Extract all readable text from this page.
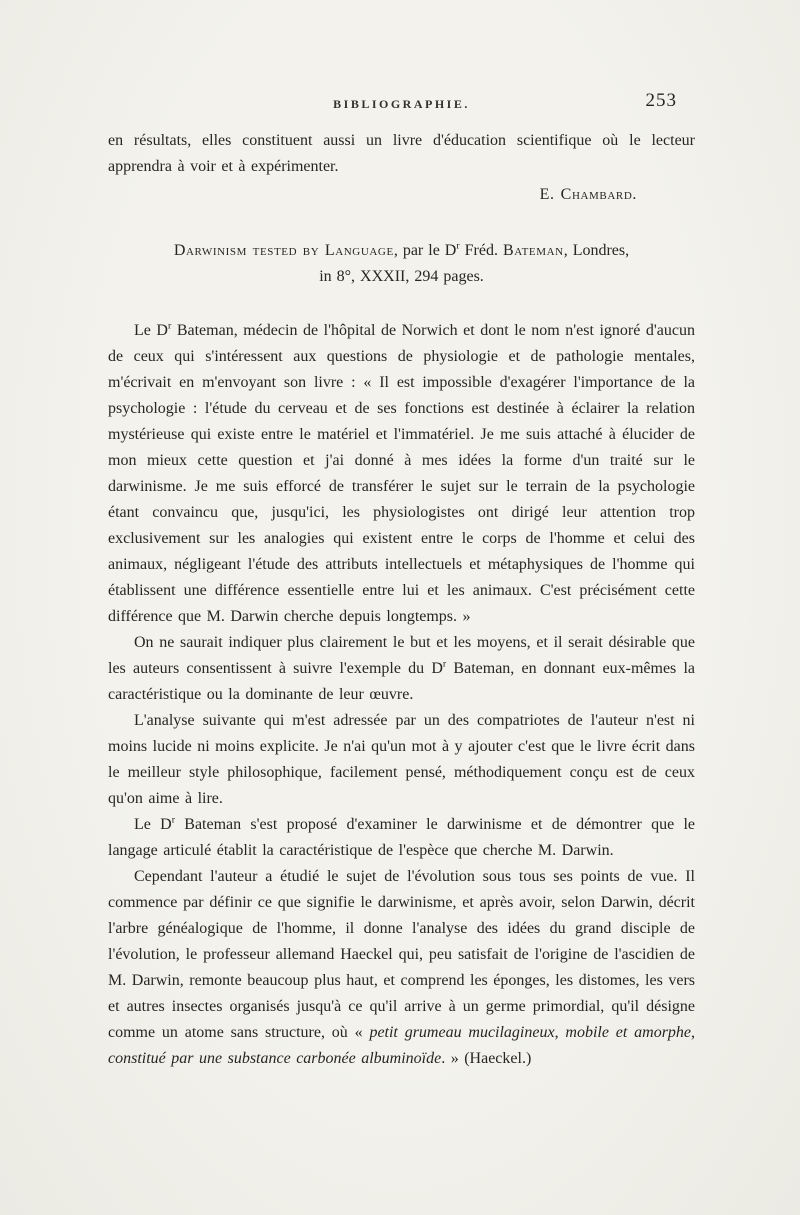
BIBLIOGRAPHIE.	253

en résultats, elles constituent aussi un livre d'éducation scientifique où le lecteur apprendra à voir et à expérimenter.

E. Chambard.

Darwinism tested by Language, par le $D^r$ Fréd. Bateman, Londres,
in 8°, XXXII, 294 pages.

Le $D^r$ Bateman, médecin de l'hôpital de Norwich et dont le nom n'est ignoré d'aucun de ceux qui s'intéressent aux questions de physiologie et de pathologie mentales, m'écrivait en m'envoyant son livre : « Il est impossible d'exagérer l'importance de la psychologie : l'étude du cerveau et de ses fonctions est destinée à éclairer la relation mystérieuse qui existe entre le matériel et l'immatériel. Je me suis attaché à élucider de mon mieux cette question et j'ai donné à mes idées la forme d'un traité sur le darwinisme. Je me suis efforcé de transférer le sujet sur le terrain de la psychologie étant convaincu que, jusqu'ici, les physiologistes ont dirigé leur attention trop exclusivement sur les analogies qui existent entre le corps de l'homme et celui des animaux, négligeant l'étude des attributs intellectuels et métaphysiques de l'homme qui établissent une différence essentielle entre lui et les animaux. C'est précisément cette différence que M. Darwin cherche depuis longtemps. »

On ne saurait indiquer plus clairement le but et les moyens, et il serait désirable que les auteurs consentissent à suivre l'exemple du $D^r$ Bateman, en donnant eux-mêmes la caractéristique ou la dominante de leur œuvre.

L'analyse suivante qui m'est adressée par un des compatriotes de l'auteur n'est ni moins lucide ni moins explicite. Je n'ai qu'un mot à y ajouter c'est que le livre écrit dans le meilleur style philosophique, facilement pensé, méthodiquement conçu est de ceux qu'on aime à lire.

Le $D^r$ Bateman s'est proposé d'examiner le darwinisme et de démontrer que le langage articulé établit la caractéristique de l'espèce que cherche M. Darwin.

Cependant l'auteur a étudié le sujet de l'évolution sous tous ses points de vue. Il commence par définir ce que signifie le darwinisme, et après avoir, selon Darwin, décrit l'arbre généalogique de l'homme, il donne l'analyse des idées du grand disciple de l'évolution, le professeur allemand Haeckel qui, peu satisfait de l'origine de l'ascidien de M. Darwin, remonte beaucoup plus haut, et comprend les éponges, les distomes, les vers et autres insectes organisés jusqu'à ce qu'il arrive à un germe primordial, qu'il désigne comme un atome sans structure, où « petit grumeau mucilagineux, mobile et amorphe, constitué par une substance carbonée albuminoïde. » (Haeckel.)
